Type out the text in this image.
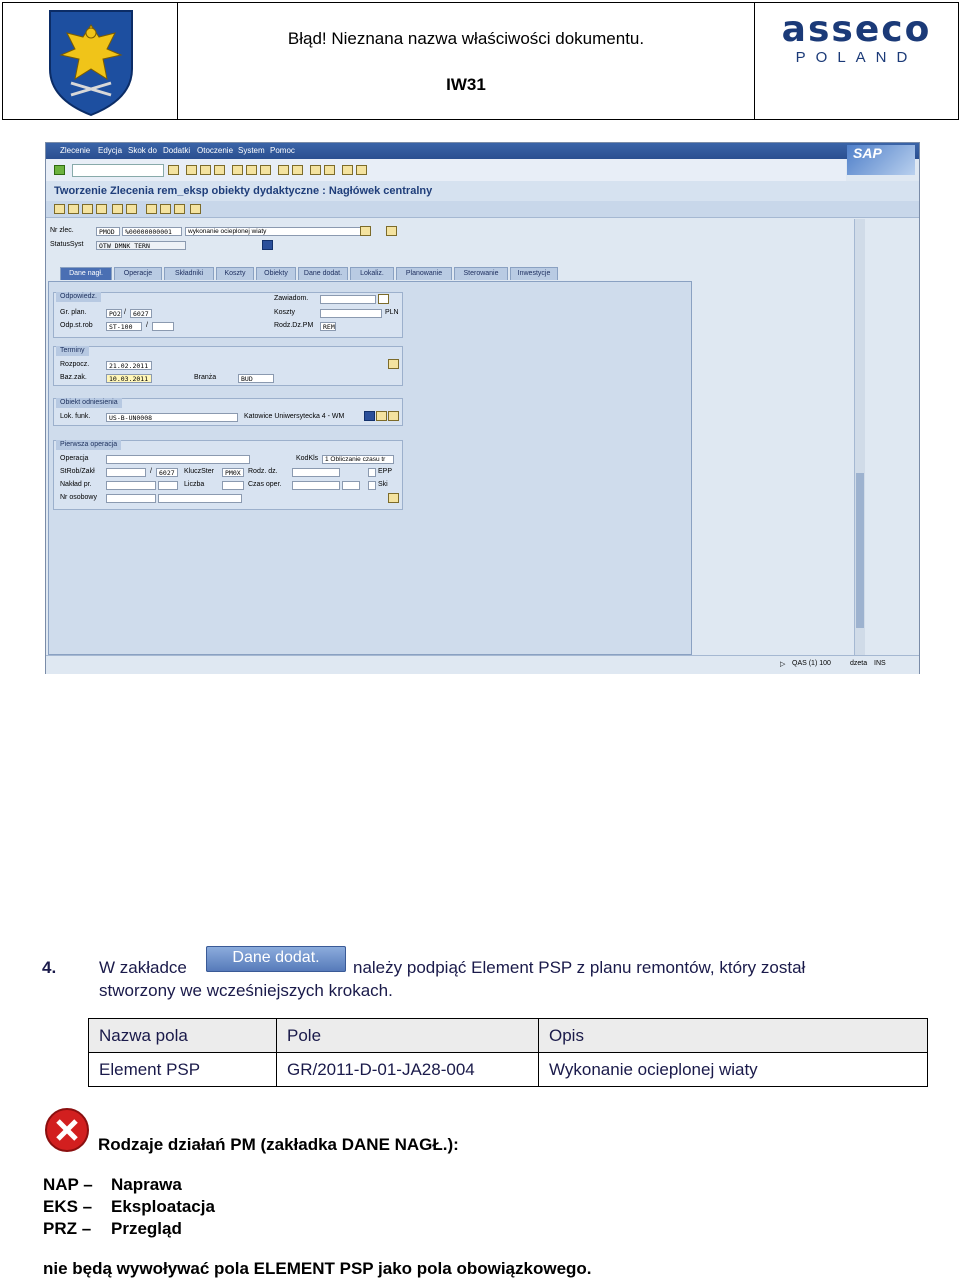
Błąd! Nieznana nazwa właściwości dokumentu.
IW31
asseco
POLAND
Zlecenie Edycja Skok do Dodatki Otoczenie System Pomoc	SAP
Tworzenie Zlecenia rem_eksp obiekty dydaktyczne : Nagłówek centralny
Nr zlec.	PMOD	%00000000001	wykonanie ocieplonej wiaty
StatusSyst	OTW DMNK TERN
Dane nagł.	Operacje	Składniki	Koszty	Obiekty	Dane dodat.	Lokaliz.	Planowanie	Sterowanie	Inwestycje
Odpowiedz.
Gr. plan.	PO2 /	6027
Odp.st.rob	ST-100	/
Zawiadom.
Koszty	PLN
Rodz.Dz.PM	REM
Terminy
Rozpocz.	21.02.2011
Baz.zak.	10.03.2011	Branża	BUD
Obiekt odniesienia
Lok. funk.	US-B-UN0008	Katowice Uniwersytecka 4 - WM
Pierwsza operacja
Operacja	KodKls	1 Obliczanie czasu tr
StRob/Zakł	/	6027	KluczSter	PM0X	Rodz. dz.	EPP
Nakład pr.	Liczba	Czas oper.	Ski
Nr osobowy
▷ QAS (1) 100	dzeta INS
4.	W zakładce
Dane dodat.
należy podpiąć Element PSP z planu remontów, który został
stworzony we wcześniejszych krokach.
Nazwa pola	Pole	Opis
Element PSP	GR/2011-D-01-JA28-004	Wykonanie ocieplonej wiaty
Rodzaje działań PM (zakładka DANE NAGŁ.):
NAP – Naprawa
EKS – Eksploatacja
PRZ – Przegląd
nie będą wywoływać pola ELEMENT PSP jako pola obowiązkowego.
